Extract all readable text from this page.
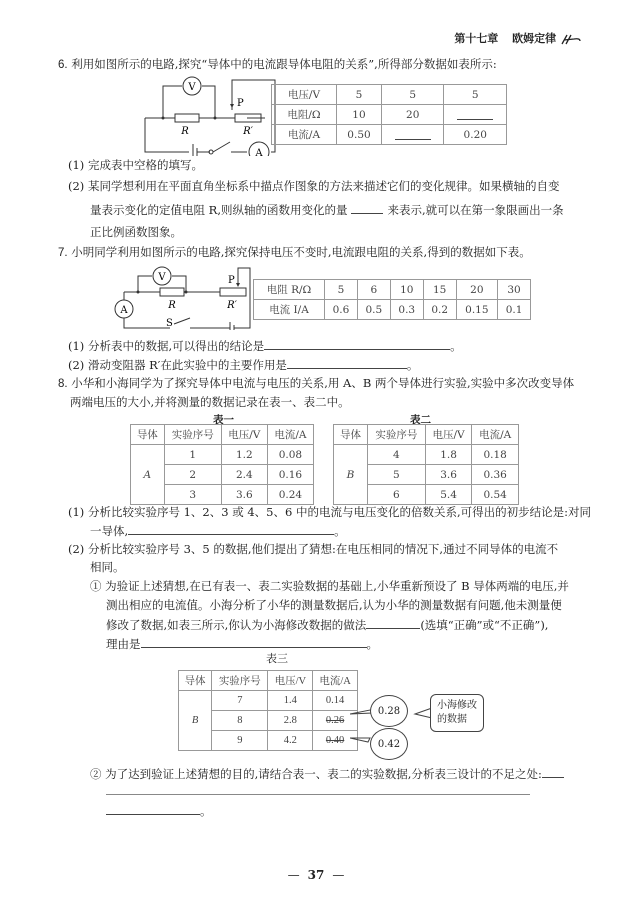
第十七章 欧姆定律
6. 利用如图所示的电路,探究“导体中的电流跟导体电阻的关系”,所得部分数据如表所示:
V
A
R	R′
P
电压/V	5	5	5
电阻/Ω	10	20	
电流/A	0.50		0.20
(1) 完成表中空格的填写。
(2) 某同学想利用在平面直角坐标系中描点作图象的方法来描述它们的变化规律。如果横轴的自变
量表示变化的定值电阻 R,则纵轴的函数用变化的量	来表示,就可以在第一象限画出一条
正比例函数图象。
7. 小明同学利用如图所示的电路,探究保持电压不变时,电流跟电阻的关系,得到的数据如下表。
V
A	R	R′
P
S
电阻 R/Ω	5	6	10	15	20	30
电流 I/A	0.6	0.5	0.3	0.2	0.15	0.1
(1) 分析表中的数据,可以得出的结论是	。
(2) 滑动变阻器 R′在此实验中的主要作用是	。
8. 小华和小海同学为了探究导体中电流与电压的关系,用 A、B 两个导体进行实验,实验中多次改变导体
两端电压的大小,并将测量的数据记录在表一、表二中。
表一
导体	实验序号	电压/V	电流/A
A	1	1.2	0.08
	2	2.4	0.16
	3	3.6	0.24
表二
导体	实验序号	电压/V	电流/A
B	4	1.8	0.18
	5	3.6	0.36
	6	5.4	0.54
(1) 分析比较实验序号 1、2、3 或 4、5、6 中的电流与电压变化的倍数关系,可得出的初步结论是:对同
一导体,	。
(2) 分析比较实验序号 3、5 的数据,他们提出了猜想:在电压相同的情况下,通过不同导体的电流不
相同。
① 为验证上述猜想,在已有表一、表二实验数据的基础上,小华重新预设了 B 导体两端的电压,并
测出相应的电流值。小海分析了小华的测量数据后,认为小华的测量数据有问题,他未测量便
修改了数据,如表三所示,你认为小海修改数据的做法	(选填“正确”或“不正确”),
理由是	。
表三
导体	实验序号	电压/V	电流/A
B	7	1.4	0.14
	8	2.8	0.26
	9	4.2	0.40
0.28
0.42
小海修改
的数据
② 为了达到验证上述猜想的目的,请结合表一、表二的实验数据,分析表三设计的不足之处:
。
— 37 —
